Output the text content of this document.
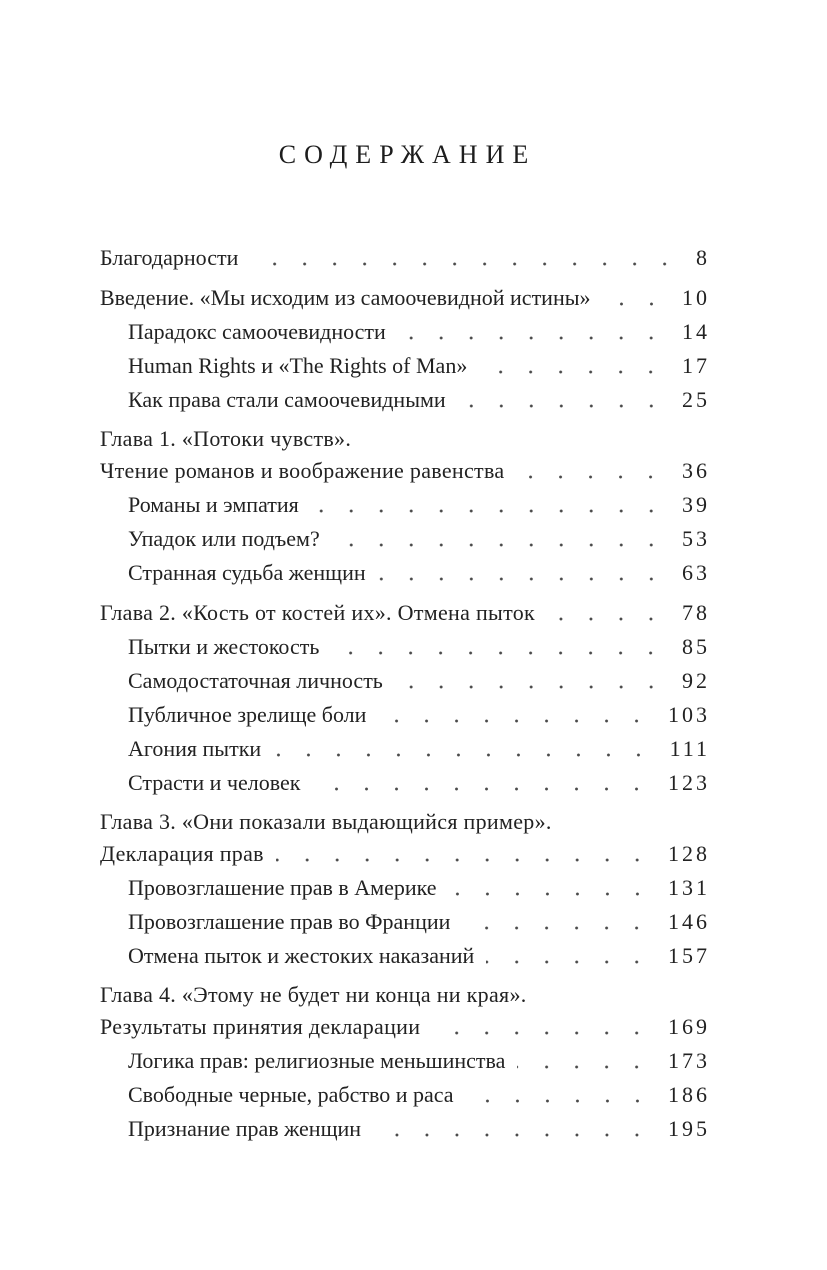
СОДЕРЖАНИЕ
Благодарности	8
Введение. «Мы исходим из самоочевидной истины»	10
Парадокс самоочевидности	14
Human Rights и «The Rights of Man»	17
Как права стали самоочевидными	25
Глава 1. «Потоки чувств».
Чтение романов и воображение равенства	36
Романы и эмпатия	39
Упадок или подъем?	53
Странная судьба женщин	63
Глава 2. «Кость от костей их». Отмена пыток	78
Пытки и жестокость	85
Самодостаточная личность	92
Публичное зрелище боли	103
Агония пытки	111
Страсти и человек	123
Глава 3. «Они показали выдающийся пример».
Декларация прав	128
Провозглашение прав в Америке	131
Провозглашение прав во Франции	146
Отмена пыток и жестоких наказаний	157
Глава 4. «Этому не будет ни конца ни края».
Результаты принятия декларации	169
Логика прав: религиозные меньшинства	173
Свободные черные, рабство и раса	186
Признание прав женщин	195
